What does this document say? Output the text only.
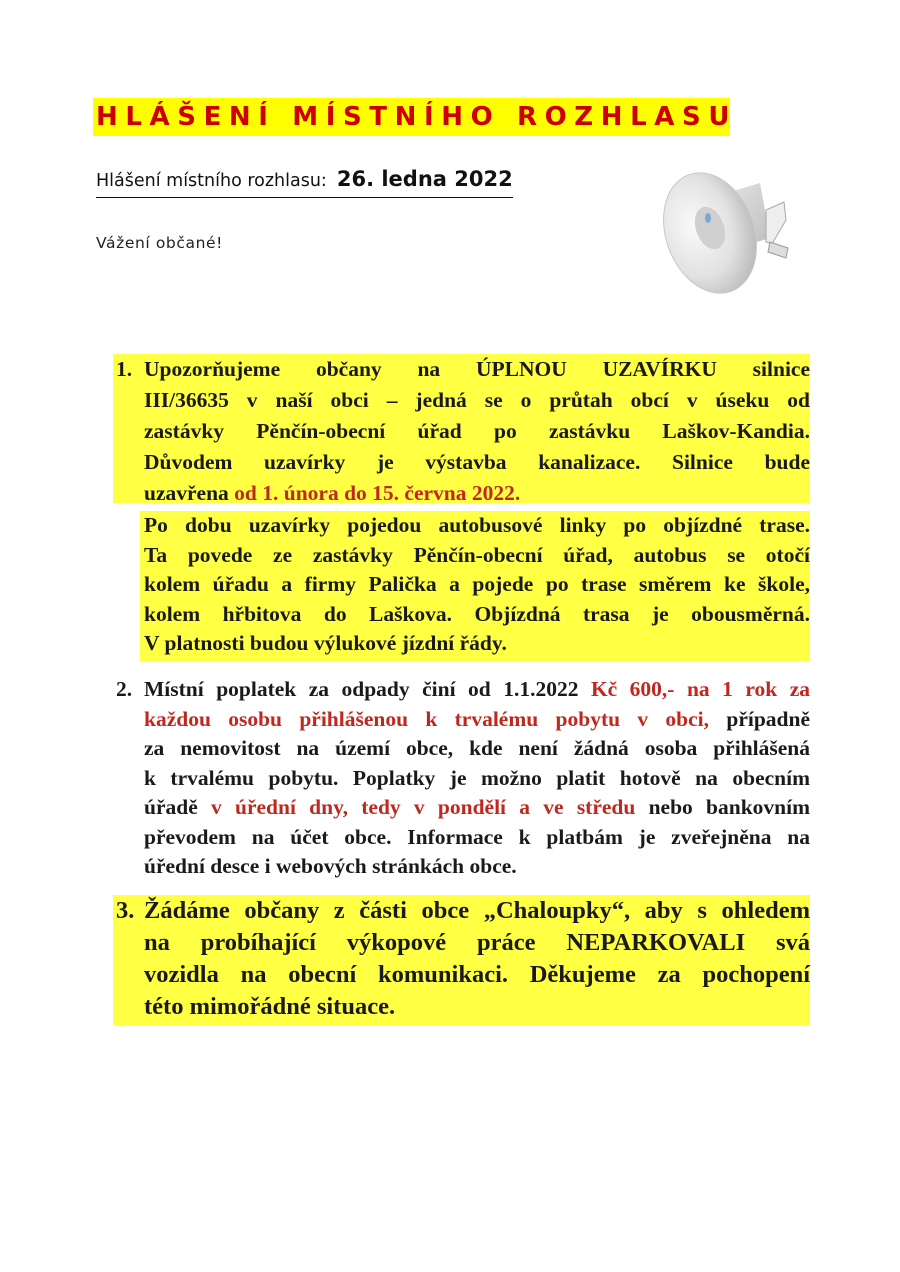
HLÁŠENÍ MÍSTNÍHO ROZHLASU
Hlášení místního rozhlasu: 26. ledna 2022
Vážení občané!
1. Upozorňujeme občany na ÚPLNOU UZAVÍRKU silnice
III/36635 v naší obci – jedná se o průtah obcí v úseku od
zastávky Pěnčín-obecní úřad po zastávku Laškov-Kandia.
Důvodem uzavírky je výstavba kanalizace. Silnice bude
uzavřena od 1. února do 15. června 2022.
Po dobu uzavírky pojedou autobusové linky po objízdné trase.
Ta povede ze zastávky Pěnčín-obecní úřad, autobus se otočí
kolem úřadu a firmy Palička a pojede po trase směrem ke škole,
kolem hřbitova do Laškova. Objízdná trasa je obousměrná.
V platnosti budou výlukové jízdní řády.
2. Místní poplatek za odpady činí od 1.1.2022 Kč 600,- na 1 rok za
každou osobu přihlášenou k trvalému pobytu v obci, případně
za nemovitost na území obce, kde není žádná osoba přihlášená
k trvalému pobytu. Poplatky je možno platit hotově na obecním
úřadě v úřední dny, tedy v pondělí a ve středu nebo bankovním
převodem na účet obce. Informace k platbám je zveřejněna na
úřední desce i webových stránkách obce.
3. Žádáme občany z části obce „Chaloupky“, aby s ohledem
na probíhající výkopové práce NEPARKOVALI svá
vozidla na obecní komunikaci. Děkujeme za pochopení
této mimořádné situace.
